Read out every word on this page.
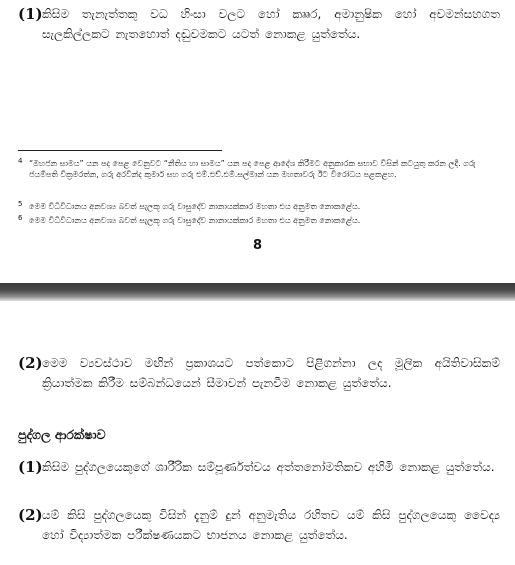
(1) කිසිම තැනැත්තකු වධ හිංසා වලට හෝ කෲර, අමානුෂික හෝ අවමන්සහගත සැලකිල්ලකට නැතහොත් දඬුවමකට යටත් නොකළ යුත්තේය.
4 “මහජන සාමය” යන පද පෙළ වෙනුවට “නීතිය හා සාමය” යන පද පෙළ ආදේශ කිරීමට අනුකාරක සභාව විසින් කටයුතු කරන ලදී. ගරු ජයම්පති වික්‍රමරත්න, ගරු අරවින්ද කුමාර් සහ ගරු එම්.එච්.එම්.සල්මාන් යන මහතාවරු ඊට විරෝධය පළකළහ.
5 මෙම විධිවිධානය අනවශ්‍ය බවත් සැලකූ ගරු වාසුදේව නානායක්කාර මහතා එය අනුමත නොකළේය.
6 මෙම විධිවිධානය අනවශ්‍ය බවත් සැලකූ ගරු වාසුදේව නානායක්කාර මහතා එය අනුමත නොකළේය.
8
(2) මෙම ව්‍යවස්ථාව මඟින් ප්‍රකාශයට පත්කොට පිළිගන්නා ලද මූලික අයිතිවාසිකම් ක්‍රියාත්මක කිරීම සම්බන්ධයෙන් සීමාවන් පැනවීම නොකළ යුත්තේය.
පුද්ගල ආරක්ෂාව
(1) කිසිම පුද්ගලයෙකුගේ ශාරීරික සම්පූර්ණත්වය අත්තනෝමතිකව අහිමි නොකළ යුත්තේය.
(2) යම් කිසි පුද්ගලයෙකු විසින් දැනුම් දුන් අනුමැතිය රහිතව යම් කිසි පුද්ගලයෙකු වෛද්‍ය හෝ විද්‍යාත්මක පරීක්ෂණයකට භාජනය නොකළ යුත්තේය.
